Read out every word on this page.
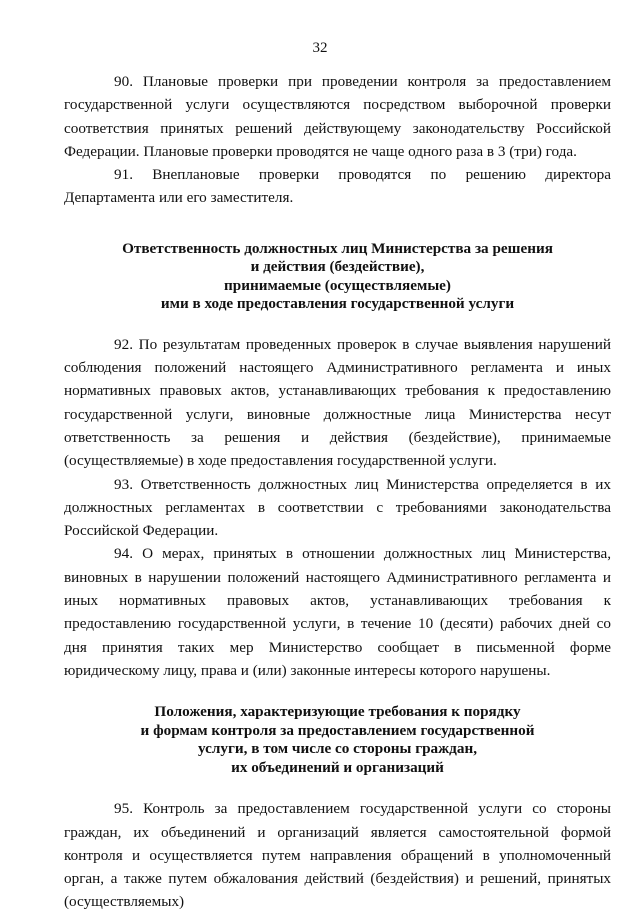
32

90. Плановые проверки при проведении контроля за предоставлением государственной услуги осуществляются посредством выборочной проверки соответствия принятых решений действующему законодательству Российской Федерации. Плановые проверки проводятся не чаще одного раза в 3 (три) года.

91. Внеплановые проверки проводятся по решению директора Департамента или его заместителя.

Ответственность должностных лиц Министерства за решения
и действия (бездействие),
принимаемые (осуществляемые)
ими в ходе предоставления государственной услуги

92. По результатам проведенных проверок в случае выявления нарушений соблюдения положений настоящего Административного регламента и иных нормативных правовых актов, устанавливающих требования к предоставлению государственной услуги, виновные должностные лица Министерства несут ответственность за решения и действия (бездействие), принимаемые (осуществляемые) в ходе предоставления государственной услуги.

93. Ответственность должностных лиц Министерства определяется в их должностных регламентах в соответствии с требованиями законодательства Российской Федерации.

94. О мерах, принятых в отношении должностных лиц Министерства, виновных в нарушении положений настоящего Административного регламента и иных нормативных правовых актов, устанавливающих требования к предоставлению государственной услуги, в течение 10 (десяти) рабочих дней со дня принятия таких мер Министерство сообщает в письменной форме юридическому лицу, права и (или) законные интересы которого нарушены.

Положения, характеризующие требования к порядку
и формам контроля за предоставлением государственной
услуги, в том числе со стороны граждан,
их объединений и организаций

95. Контроль за предоставлением государственной услуги со стороны граждан, их объединений и организаций является самостоятельной формой контроля и осуществляется путем направления обращений в уполномоченный орган, а также путем обжалования действий (бездействия) и решений, принятых (осуществляемых)
